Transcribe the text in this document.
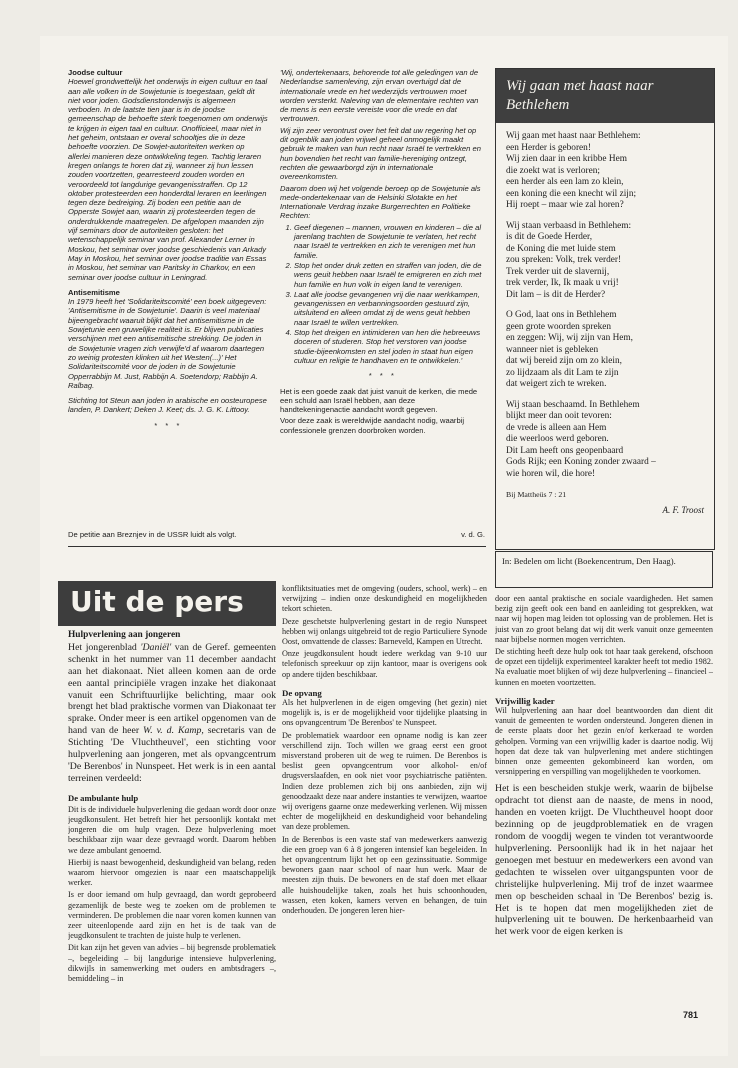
Joodse cultuur

Hoewel grondwettelijk het onderwijs in eigen cultuur en taal aan alle volken in de Sowjetunie is toegestaan, geldt dit niet voor joden. Godsdienstonderwijs is algemeen verboden. In de laatste tien jaar is in de joodse gemeenschap de behoefte sterk toegenomen om onderwijs te krijgen in eigen taal en cultuur. Onofficieel, maar niet in het geheim, ontstaan er overal schooltjes die in deze behoefte voorzien. De Sowjet-autoriteiten werken op allerlei manieren deze ontwikkeling tegen. Tachtig leraren kregen onlangs te horen dat zij, wanneer zij hun lessen zouden voortzetten, gearresteerd zouden worden en veroordeeld tot langdurige gevangenisstraffen. Op 12 oktober protesteerden een honderdtal leraren en leerlingen tegen deze bedreiging. Zij boden een petitie aan de Opperste Sowjet aan, waarin zij protesteerden tegen de onderdrukkende maatregelen. De afgelopen maanden zijn vijf seminars door de autoriteiten gesloten: het wetenschappelijk seminar van prof. Alexander Lerner in Moskou, het seminar over joodse geschiedenis van Arkady May in Moskou, het seminar over joodse traditie van Essas in Moskou, het seminar van Paritsky in Charkov, en een seminar over joodse cultuur in Leningrad.

Antisemitisme

In 1979 heeft het 'Solidariteitscomité' een boek uitgegeven: 'Antisemitisme in de Sowjetunie'. Daarin is veel materiaal bijeengebracht waaruit blijkt dat het antisemitisme in de Sowjetunie een gruwelijke realiteit is. Er blijven publicaties verschijnen met een antisemitische strekking. De joden in de Sowjetunie vragen zich verwijfe'd af waarom daartegen zo weinig protesten klinken uit het Westen(...)' Het Solidariteitscomité voor de joden in de Sowjetunie Opperrabbijn M. Just, Rabbijn A. Soetendorp; Rabbijn A. Ralbag.

Stichting tot Steun aan joden in arabische en oosteuropese landen, P. Dankert; Deken J. Keet; ds. J. G. K. Littooy.

* * *
De petitie aan Breznjev in de USSR luidt als volgt.

'Wij, ondertekenaars, behorende tot alle geledingen van de Nederlandse samenleving, zijn ervan overtuigd dat de internationale vrede en het wederzijds vertrouwen moet worden versterkt. Naleving van de elementaire rechten van de mens is een eerste vereiste voor die vrede en dat vertrouwen.

Wij zijn zeer verontrust over het feit dat uw regering het op dit ogenblik aan joden vrijwel geheel onmogelijk maakt gebruik te maken van hun recht naar Israël te vertrekken en hun bovendien het recht van familie-hereniging ontzegt, rechten die gewaarborgd zijn in internationale overeenkomsten.

Daarom doen wij het volgende beroep op de Sowjetunie als mede-ondertekenaar van de Helsinki Slotakte en het Internationale Verdrag inzake Burgerrechten en Politieke Rechten:

1. Geef diegenen – mannen, vrouwen en kinderen – die al jarenlang trachten de Sowjetunie te verlaten, het recht naar Israël te vertrekken en zich te verenigen met hun familie.
2. Stop het onder druk zetten en straffen van joden, die de wens geuit hebben naar Israël te emigreren en zich met hun familie en hun volk in eigen land te verenigen.
3. Laat alle joodse gevangenen vrij die naar werkkampen, gevangenissen en verbanningsoorden gestuurd zijn, uitsluitend en alleen omdat zij de wens geuit hebben naar Israël te willen vertrekken.
4. Stop het dreigen en intimideren van hen die hebreeuws doceren of studeren. Stop het verstoren van joodse studie-bijeenkomsten en stel joden in staat hun eigen cultuur en religie te handhaven en te ontwikkelen.'
* * *

Het is een goede zaak dat juist vanuit de kerken, die mede een schuld aan Israël hebben, aan deze handtekeningenactie aandacht wordt gegeven.

Voor deze zaak is wereldwijde aandacht nodig, waarbij confessionele grenzen doorbroken worden.

v. d. G.
Wij gaan met haast naar Bethlehem
Wij gaan met haast naar Bethlehem:
een Herder is geboren!
Wij zien daar in een kribbe Hem
die zoekt wat is verloren;
een herder als een lam zo klein,
een koning die een knecht wil zijn;
Hij roept – maar wie zal horen?
Wij staan verbaasd in Bethlehem:
is dit de Goede Herder,
de Koning die met luide stem
zou spreken: Volk, trek verder!
Trek verder uit de slavernij,
trek verder, Ik, Ik maak u vrij!
Dit lam – is dit de Herder?
O God, laat ons in Bethlehem
geen grote woorden spreken
en zeggen: Wij, wij zijn van Hem,
wanneer niet is gebleken
dat wij bereid zijn om zo klein,
zo lijdzaam als dit Lam te zijn
dat weigert zich te wreken.
Wij staan beschaamd. In Bethlehem
blijkt meer dan ooit tevoren:
de vrede is alleen aan Hem
die weerloos werd geboren.
Dit Lam heeft ons geopenbaard
Gods Rijk; een Koning zonder zwaard –
wie horen wil, die hore!
Bij Mattheüs 7 : 21
A. F. Troost
In: Bedelen om licht (Boekencentrum, Den Haag).
Uit de pers
Hulpverlening aan jongeren

Het jongerenblad 'Daniël' van de Geref. gemeenten schenkt in het nummer van 11 december aandacht aan het diakonaat. Niet alleen komen aan de orde een aantal principiële vragen inzake het diakonaat vanuit een Schriftuurlijke belichting, maar ook brengt het blad praktische vormen van Diakonaat ter sprake. Onder meer is een artikel opgenomen van de hand van de heer W. v. d. Kamp, secretaris van de Stichting 'De Vluchtheuvel', een stichting voor hulpverlening aan jongeren, met als opvangcentrum 'De Berenbos' in Nunspeet. Het werk is in een aantal terreinen verdeeld:

De ambulante hulp

Dit is de individuele hulpverlening die gedaan wordt door onze jeugdkonsulent. Het betreft hier het persoonlijk kontakt met jongeren die om hulp vragen. Deze hulpverlening moet beschikbaar zijn waar deze gevraagd wordt. Daarom hebben we deze ambulant genoemd.

Hierbij is naast bewogenheid, deskundigheid van belang, reden waarom hiervoor omgezien is naar een maatschappelijk werker.

Is er door iemand om hulp gevraagd, dan wordt geprobeerd gezamenlijk de beste weg te zoeken om de problemen te verminderen. De problemen die naar voren komen kunnen van zeer uiteenlopende aard zijn en het is de taak van de jeugdkonsulent te trachten de juiste hulp te verlenen.

Dit kan zijn het geven van advies – bij begrensde problematiek –, begeleiding – bij langdurige intensieve hulpverlening, dikwijls in samenwerking met ouders en ambtsdragers –, bemiddeling – in

konfliktsituaties met de omgeving (ouders, school, werk) – en verwijzing – indien onze deskundigheid en mogelijkheden tekort schieten.

Deze geschetste hulpverlening gestart in de regio Nunspeet hebben wij onlangs uitgebreid tot de regio Particuliere Synode Oost, omvattende de classes: Barneveld, Kampen en Utrecht.

Onze jeugdkonsulent houdt iedere werkdag van 9-10 uur telefonisch spreekuur op zijn kantoor, maar is overigens ook op andere tijden beschikbaar.

De opvang

Als het hulpverlenen in de eigen omgeving (het gezin) niet mogelijk is, is er de mogelijkheid voor tijdelijke plaatsing in ons opvangcentrum 'De Berenbos' te Nunspeet.

De problematiek waardoor een opname nodig is kan zeer verschillend zijn. Toch willen we graag eerst een groot misverstand proberen uit de weg te ruimen. De Berenbos is beslist geen opvangcentrum voor alkohol- en/of drugsverslaafden, en ook niet voor psychiatrische patiënten. Indien deze problemen zich bij ons aanbieden, zijn wij genoodzaakt deze naar andere instanties te verwijzen, waartoe wij overigens gaarne onze medewerking verlenen. Wij missen echter de mogelijkheid en deskundigheid voor behandeling van deze problemen.

In de Berenbos is een vaste staf van medewerkers aanwezig die een groep van 6 à 8 jongeren intensief kan begeleiden. In het opvangcentrum lijkt het op een gezinssituatie. Sommige bewoners gaan naar school of naar hun werk. Maar de meesten zijn thuis. De bewoners en de staf doen met elkaar alle huishoudelijke taken, zoals het huis schoonhouden, wassen, eten koken, kamers verven en behangen, de tuin onderhouden. De jongeren leren hier-

door een aantal praktische en sociale vaardigheden. Het samen bezig zijn geeft ook een band en aanleiding tot gesprekken, wat naar wij hopen mag leiden tot oplossing van de problemen. Het is juist van zo groot belang dat wij dit werk vanuit onze gemeenten naar bijbelse normen mogen verrichten.

De stichting heeft deze hulp ook tot haar taak gerekend, ofschoon de opzet een tijdelijk experimenteel karakter heeft tot medio 1982. Na evaluatie moet blijken of wij deze hulpverlening – financieel – kunnen en moeten voortzetten.

Vrijwillig kader

Wil hulpverlening aan haar doel beantwoorden dan dient dit vanuit de gemeenten te worden ondersteund. Jongeren dienen in de eerste plaats door het gezin en/of kerkeraad te worden geholpen. Vorming van een vrijwillig kader is daartoe nodig. Wij hopen dat deze tak van hulpverlening met andere stichtingen binnen onze gemeenten gekombineerd kan worden, om versnippering en verspilling van mogelijkheden te voorkomen.

Het is een bescheiden stukje werk, waarin de bijbelse opdracht tot dienst aan de naaste, de mens in nood, handen en voeten krijgt. De Vluchtheuvel hoopt door bezinning op de jeugdproblematiek en de vragen rondom de voogdij wegen te vinden tot verantwoorde hulpverlening. Persoonlijk had ik in het najaar het genoegen met bestuur en medewerkers een avond van gedachten te wisselen over uitgangspunten voor de christelijke hulpverlening. Mij trof de inzet waarmee men op bescheiden schaal in 'De Berenbos' bezig is. Het is te hopen dat men mogelijkheden ziet de hulpverlening uit te bouwen. De herkenbaarheid van het werk voor de eigen kerken is

781
